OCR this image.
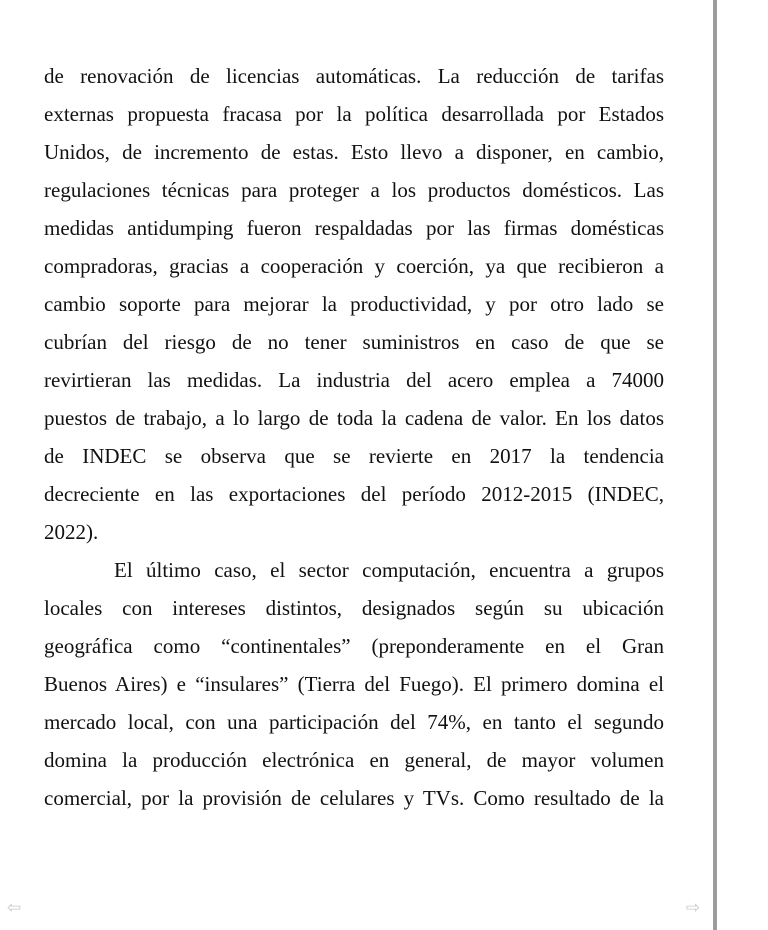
de renovación de licencias automáticas. La reducción de tarifas
externas propuesta fracasa por la política desarrollada por Estados
Unidos, de incremento de estas. Esto llevo a disponer, en cambio,
regulaciones técnicas para proteger a los productos domésticos. Las
medidas antidumping fueron respaldadas por las firmas domésticas
compradoras, gracias a cooperación y coerción, ya que recibieron a
cambio soporte para mejorar la productividad, y por otro lado se
cubrían del riesgo de no tener suministros en caso de que se
revirtieran las medidas. La industria del acero emplea a 74000
puestos de trabajo, a lo largo de toda la cadena de valor. En los datos
de INDEC se observa que se revierte en 2017 la tendencia
decreciente en las exportaciones del período 2012-2015 (INDEC,
2022).
El último caso, el sector computación, encuentra a grupos
locales con intereses distintos, designados según su ubicación
geográfica como “continentales” (preponderamente en el Gran
Buenos Aires) e “insulares” (Tierra del Fuego). El primero domina el
mercado local, con una participación del 74%, en tanto el segundo
domina la producción electrónica en general, de mayor volumen
comercial, por la provisión de celulares y TVs. Como resultado de la
⇦	⇨
